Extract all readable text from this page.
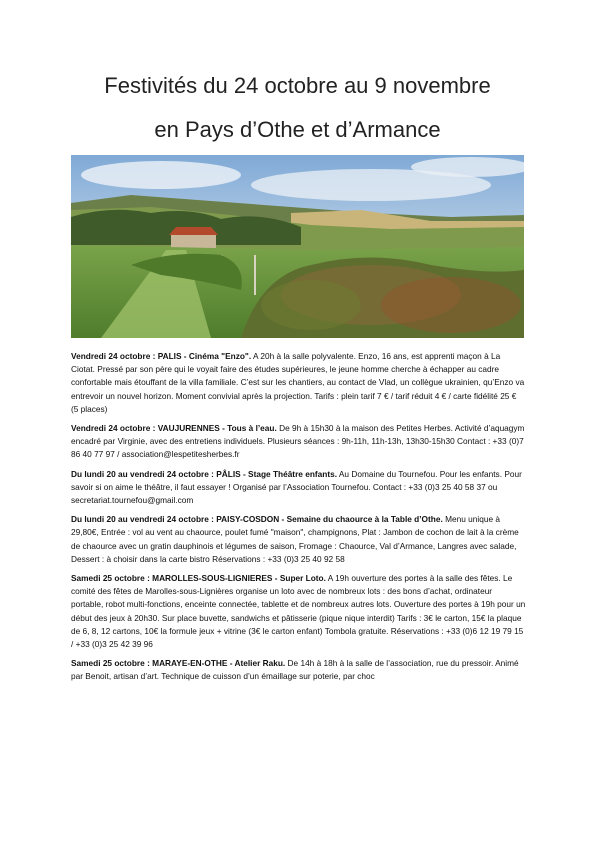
Festivités du 24 octobre au 9 novembre
en Pays d’Othe et d’Armance

Vendredi 24 octobre : PALIS - Cinéma "Enzo". A 20h à la salle polyvalente. Enzo, 16 ans, est apprenti maçon à La Ciotat. Pressé par son père qui le voyait faire des études supérieures, le jeune homme cherche à échapper au cadre confortable mais étouffant de la villa familiale. C’est sur les chantiers, au contact de Vlad, un collègue ukrainien, qu’Enzo va entrevoir un nouvel horizon. Moment convivial après la projection. Tarifs : plein tarif 7 € / tarif réduit 4 € / carte fidélité 25 € (5 places)

Vendredi 24 octobre : VAUJURENNES - Tous à l’eau. De 9h à 15h30 à la maison des Petites Herbes. Activité d’aquagym encadré par Virginie, avec des entretiens individuels. Plusieurs séances : 9h-11h, 11h-13h, 13h30-15h30 Contact : +33 (0)7 86 40 77 97 / association@lespetitesherbes.fr

Du lundi 20 au vendredi 24 octobre : PÂLIS - Stage Théâtre enfants. Au Domaine du Tournefou. Pour les enfants. Pour savoir si on aime le théâtre, il faut essayer ! Organisé par l’Association Tournefou. Contact : +33 (0)3 25 40 58 37 ou secretariat.tournefou@gmail.com

Du lundi 20 au vendredi 24 octobre : PAISY-COSDON - Semaine du chaource à la Table d’Othe. Menu unique à 29,80€, Entrée : vol au vent au chaource, poulet fumé "maison", champignons, Plat : Jambon de cochon de lait à la crème de chaource avec un gratin dauphinois et légumes de saison, Fromage : Chaource, Val d’Armance, Langres avec salade, Dessert : à choisir dans la carte bistro Réservations : +33 (0)3 25 40 92 58

Samedi 25 octobre : MAROLLES-SOUS-LIGNIERES - Super Loto. A 19h ouverture des portes à la salle des fêtes. Le comité des fêtes de Marolles-sous-Lignières organise un loto avec de nombreux lots : des bons d’achat, ordinateur portable, robot multi-fonctions, enceinte connectée, tablette et de nombreux autres lots. Ouverture des portes à 19h pour un début des jeux à 20h30. Sur place buvette, sandwichs et pâtisserie (pique nique interdit) Tarifs : 3€ le carton, 15€ la plaque de 6, 8, 12 cartons, 10€ la formule jeux + vitrine (3€ le carton enfant) Tombola gratuite. Réservations : +33 (0)6 12 19 79 15 / +33 (0)3 25 42 39 96

Samedi 25 octobre : MARAYE-EN-OTHE - Atelier Raku. De 14h à 18h à la salle de l’association, rue du pressoir. Animé par Benoit, artisan d’art. Technique de cuisson d’un émaillage sur poterie, par choc
